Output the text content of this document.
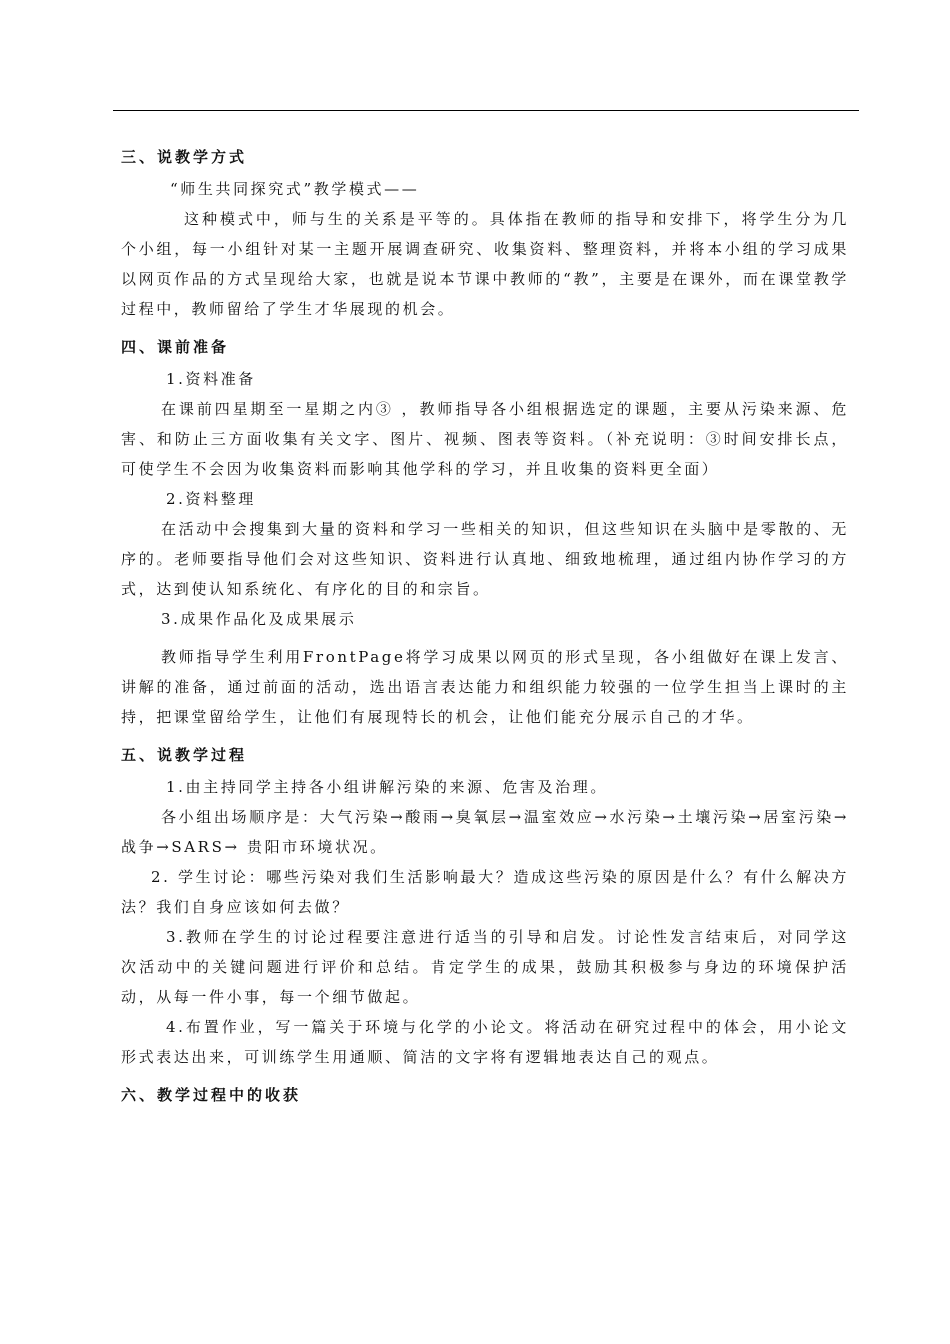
三、说教学方式

“师生共同探究式”教学模式——

这种模式中，师与生的关系是平等的。具体指在教师的指导和安排下，将学生分为几个小组，每一小组针对某一主题开展调查研究、收集资料、整理资料，并将本小组的学习成果以网页作品的方式呈现给大家，也就是说本节课中教师的“教”，主要是在课外，而在课堂教学过程中，教师留给了学生才华展现的机会。

四、课前准备

1.资料准备

在课前四星期至一星期之内③ ，教师指导各小组根据选定的课题，主要从污染来源、危害、和防止三方面收集有关文字、图片、视频、图表等资料。（补充说明：③时间安排长点，可使学生不会因为收集资料而影响其他学科的学习，并且收集的资料更全面）

2.资料整理

在活动中会搜集到大量的资料和学习一些相关的知识，但这些知识在头脑中是零散的、无序的。老师要指导他们会对这些知识、资料进行认真地、细致地梳理，通过组内协作学习的方式，达到使认知系统化、有序化的目的和宗旨。

3.成果作品化及成果展示

教师指导学生利用FrontPage将学习成果以网页的形式呈现，各小组做好在课上发言、讲解的准备，通过前面的活动，选出语言表达能力和组织能力较强的一位学生担当上课时的主持，把课堂留给学生，让他们有展现特长的机会，让他们能充分展示自己的才华。

五、说教学过程

1.由主持同学主持各小组讲解污染的来源、危害及治理。

各小组出场顺序是：大气污染→酸雨→臭氧层→温室效应→水污染→土壤污染→居室污染→战争→SARS→ 贵阳市环境状况。

2. 学生讨论：哪些污染对我们生活影响最大？造成这些污染的原因是什么？有什么解决方法？我们自身应该如何去做？

3.教师在学生的讨论过程要注意进行适当的引导和启发。讨论性发言结束后，对同学这次活动中的关键问题进行评价和总结。肯定学生的成果，鼓励其积极参与身边的环境保护活动，从每一件小事，每一个细节做起。

4.布置作业，写一篇关于环境与化学的小论文。将活动在研究过程中的体会，用小论文形式表达出来，可训练学生用通顺、简洁的文字将有逻辑地表达自己的观点。

六、教学过程中的收获
